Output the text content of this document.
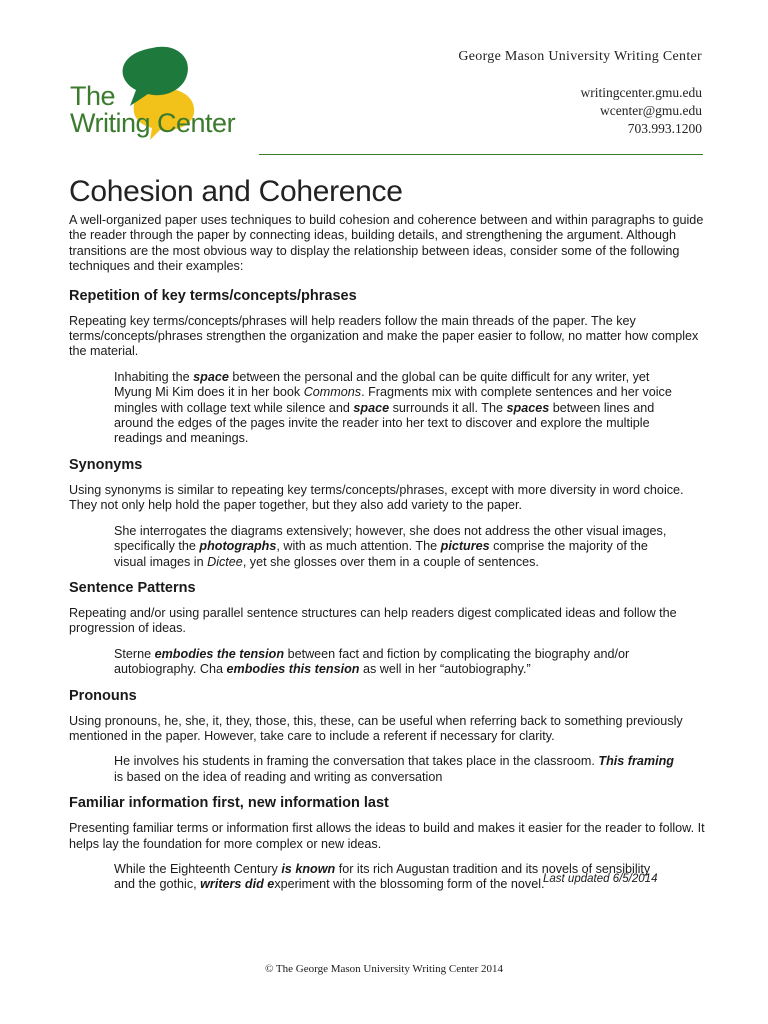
The
Writing Center
George Mason University Writing Center
writingcenter.gmu.edu
wcenter@gmu.edu
703.993.1200
Cohesion and Coherence

A well-organized paper uses techniques to build cohesion and coherence between and within paragraphs to guide the reader through the paper by connecting ideas, building details, and strengthening the argument. Although transitions are the most obvious way to display the relationship between ideas, consider some of the following techniques and their examples:

Repetition of key terms/concepts/phrases

Repeating key terms/concepts/phrases will help readers follow the main threads of the paper. The key terms/concepts/phrases strengthen the organization and make the paper easier to follow, no matter how complex the material.

Inhabiting the space between the personal and the global can be quite difficult for any writer, yet Myung Mi Kim does it in her book Commons. Fragments mix with complete sentences and her voice mingles with collage text while silence and space surrounds it all. The spaces between lines and around the edges of the pages invite the reader into her text to discover and explore the multiple readings and meanings.
Synonyms

Using synonyms is similar to repeating key terms/concepts/phrases, except with more diversity in word choice. They not only help hold the paper together, but they also add variety to the paper.

She interrogates the diagrams extensively; however, she does not address the other visual images, specifically the photographs, with as much attention. The pictures comprise the majority of the visual images in Dictee, yet she glosses over them in a couple of sentences.
Sentence Patterns

Repeating and/or using parallel sentence structures can help readers digest complicated ideas and follow the progression of ideas.

Sterne embodies the tension between fact and fiction by complicating the biography and/or autobiography. Cha embodies this tension as well in her “autobiography.”
Pronouns

Using pronouns, he, she, it, they, those, this, these, can be useful when referring back to something previously mentioned in the paper. However, take care to include a referent if necessary for clarity.

He involves his students in framing the conversation that takes place in the classroom. This framing is based on the idea of reading and writing as conversation
Familiar information first, new information last

Presenting familiar terms or information first allows the ideas to build and makes it easier for the reader to follow. It helps lay the foundation for more complex or new ideas.

While the Eighteenth Century is known for its rich Augustan tradition and its novels of sensibility and the gothic, writers did experiment with the blossoming form of the novel.
Last updated 6/5/2014
© The George Mason University Writing Center 2014
